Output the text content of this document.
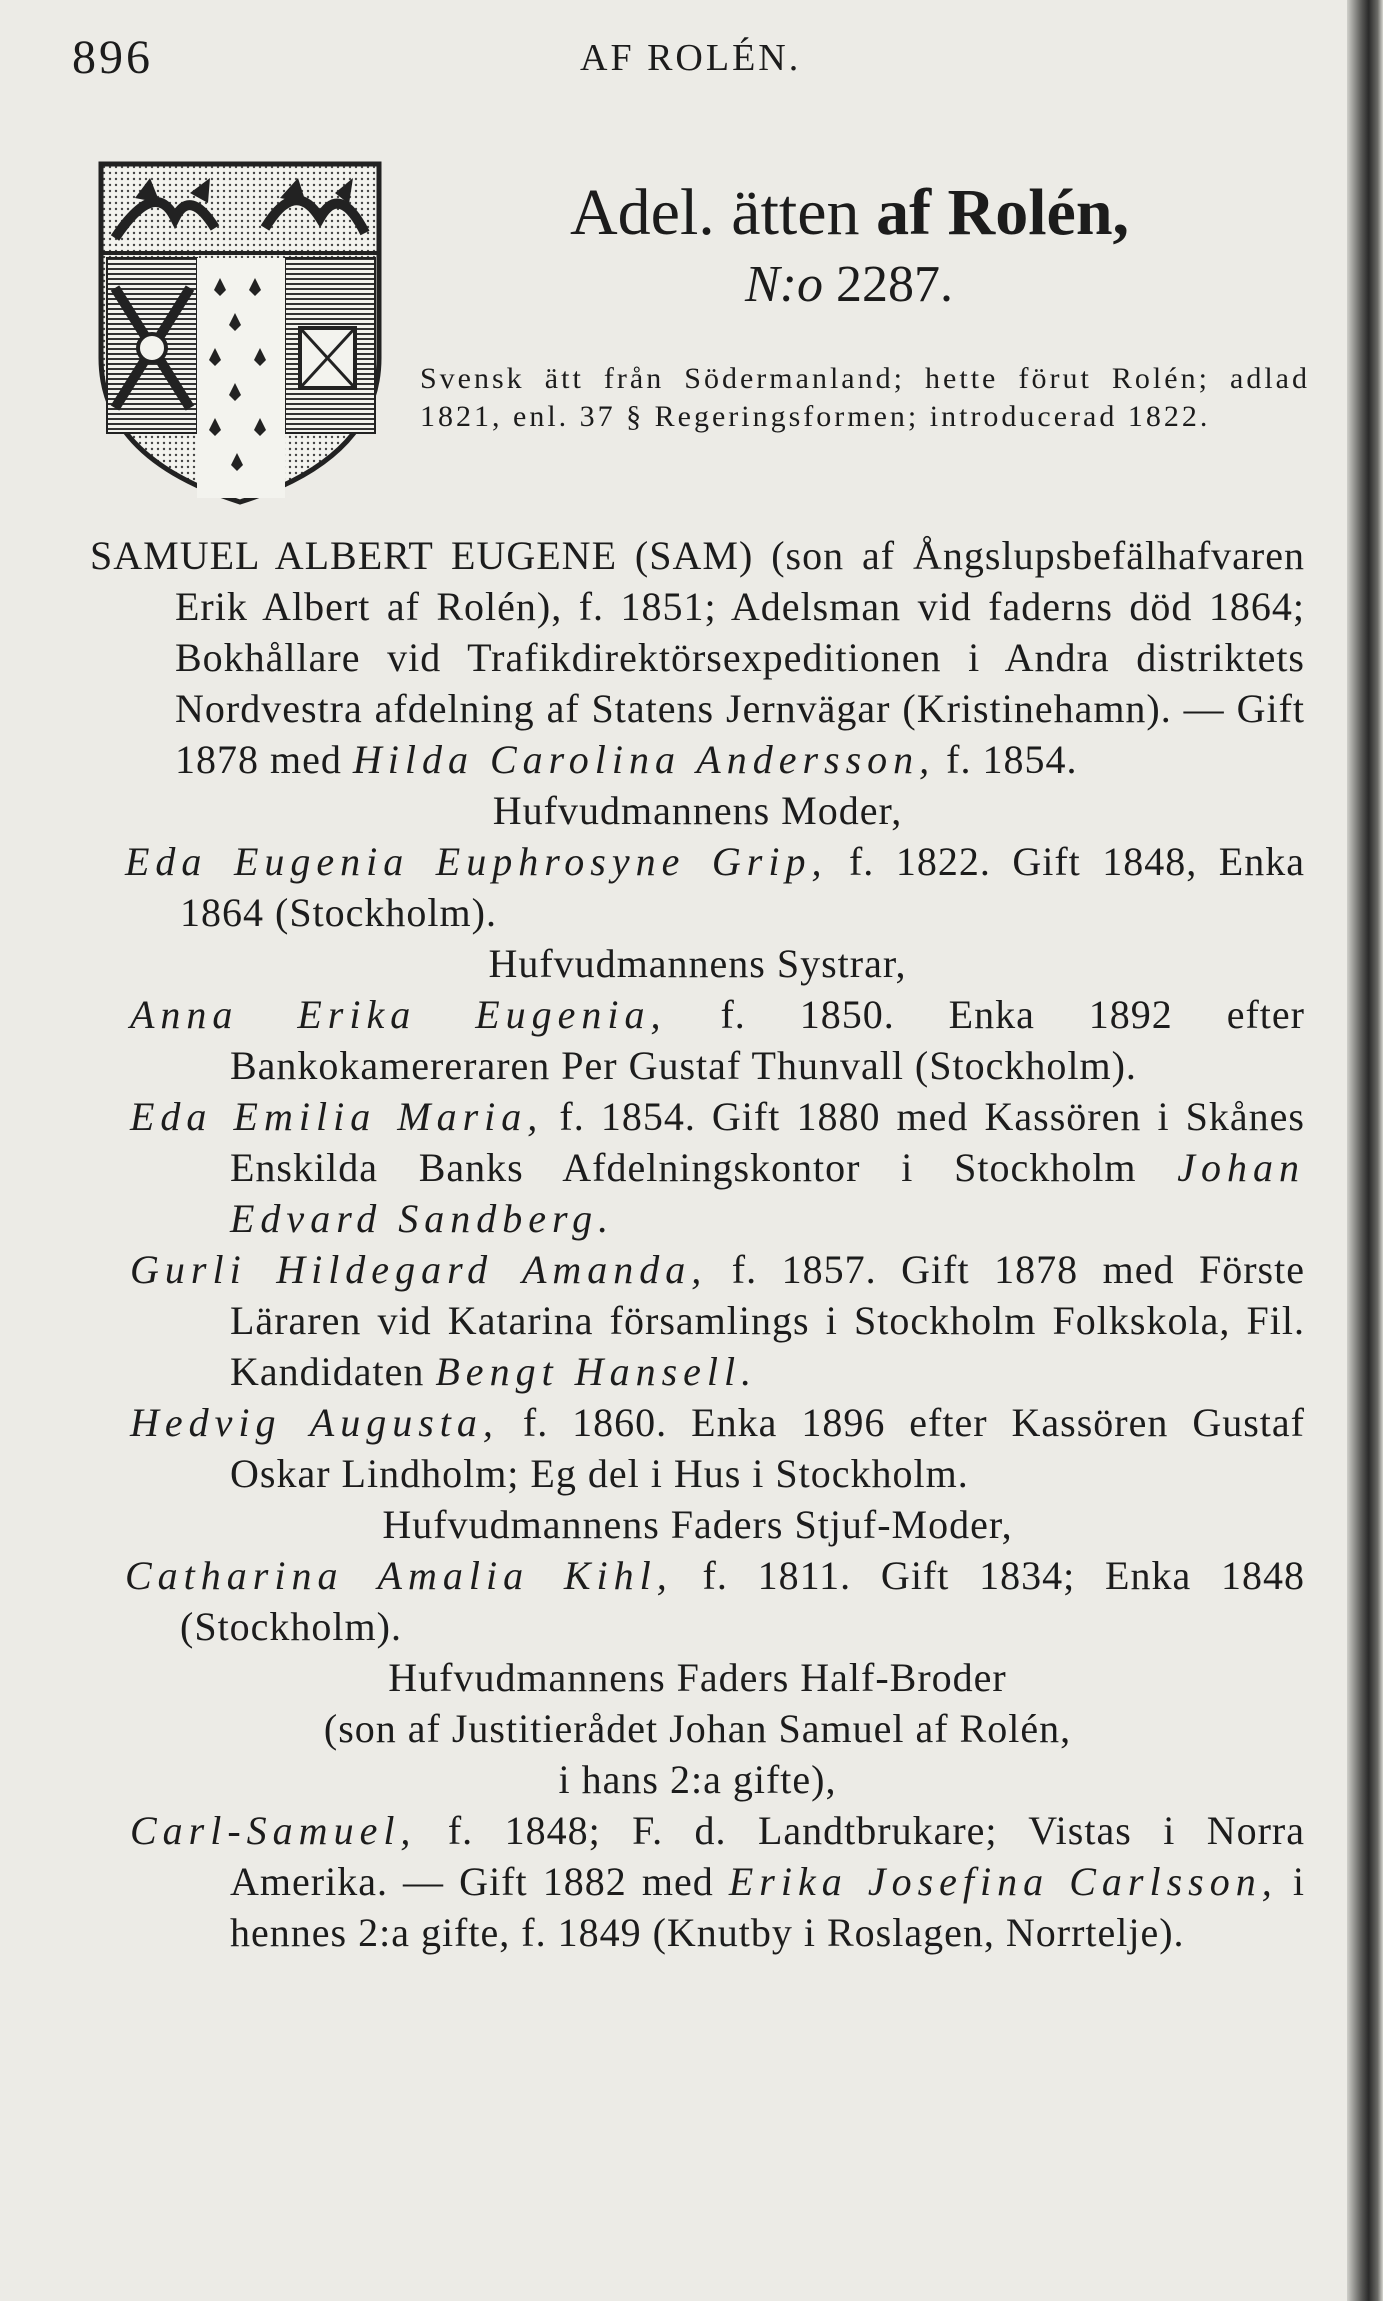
896	AF ROLÉN.
Adel. ätten af Rolén,
N:o 2287.
Svensk ätt från Södermanland; hette förut Rolén; adlad 1821, enl. 37 § Regeringsformen; introducerad 1822.
SAMUEL ALBERT EUGENE (SAM) (son af Ångslupsbefälhafvaren Erik Albert af Rolén), f. 1851; Adelsman vid faderns död 1864; Bokhållare vid Trafikdirektörsexpeditionen i Andra distriktets Nordvestra afdelning af Statens Jernvägar (Kristinehamn). — Gift 1878 med Hilda Carolina Andersson, f. 1854.
Hufvudmannens Moder,
Eda Eugenia Euphrosyne Grip, f. 1822. Gift 1848, Enka 1864 (Stockholm).
Hufvudmannens Systrar,
Anna Erika Eugenia, f. 1850. Enka 1892 efter Bankokamereraren Per Gustaf Thunvall (Stockholm).
Eda Emilia Maria, f. 1854. Gift 1880 med Kassören i Skånes Enskilda Banks Afdelningskontor i Stockholm Johan Edvard Sandberg.
Gurli Hildegard Amanda, f. 1857. Gift 1878 med Förste Läraren vid Katarina församlings i Stockholm Folkskola, Fil. Kandidaten Bengt Hansell.
Hedvig Augusta, f. 1860. Enka 1896 efter Kassören Gustaf Oskar Lindholm; Eg del i Hus i Stockholm.
Hufvudmannens Faders Stjuf-Moder,
Catharina Amalia Kihl, f. 1811. Gift 1834; Enka 1848 (Stockholm).
Hufvudmannens Faders Half-Broder
(son af Justitierådet Johan Samuel af Rolén,
i hans 2:a gifte),
Carl-Samuel, f. 1848; F. d. Landtbrukare; Vistas i Norra Amerika. — Gift 1882 med Erika Josefina Carlsson, i hennes 2:a gifte, f. 1849 (Knutby i Roslagen, Norrtelje).
